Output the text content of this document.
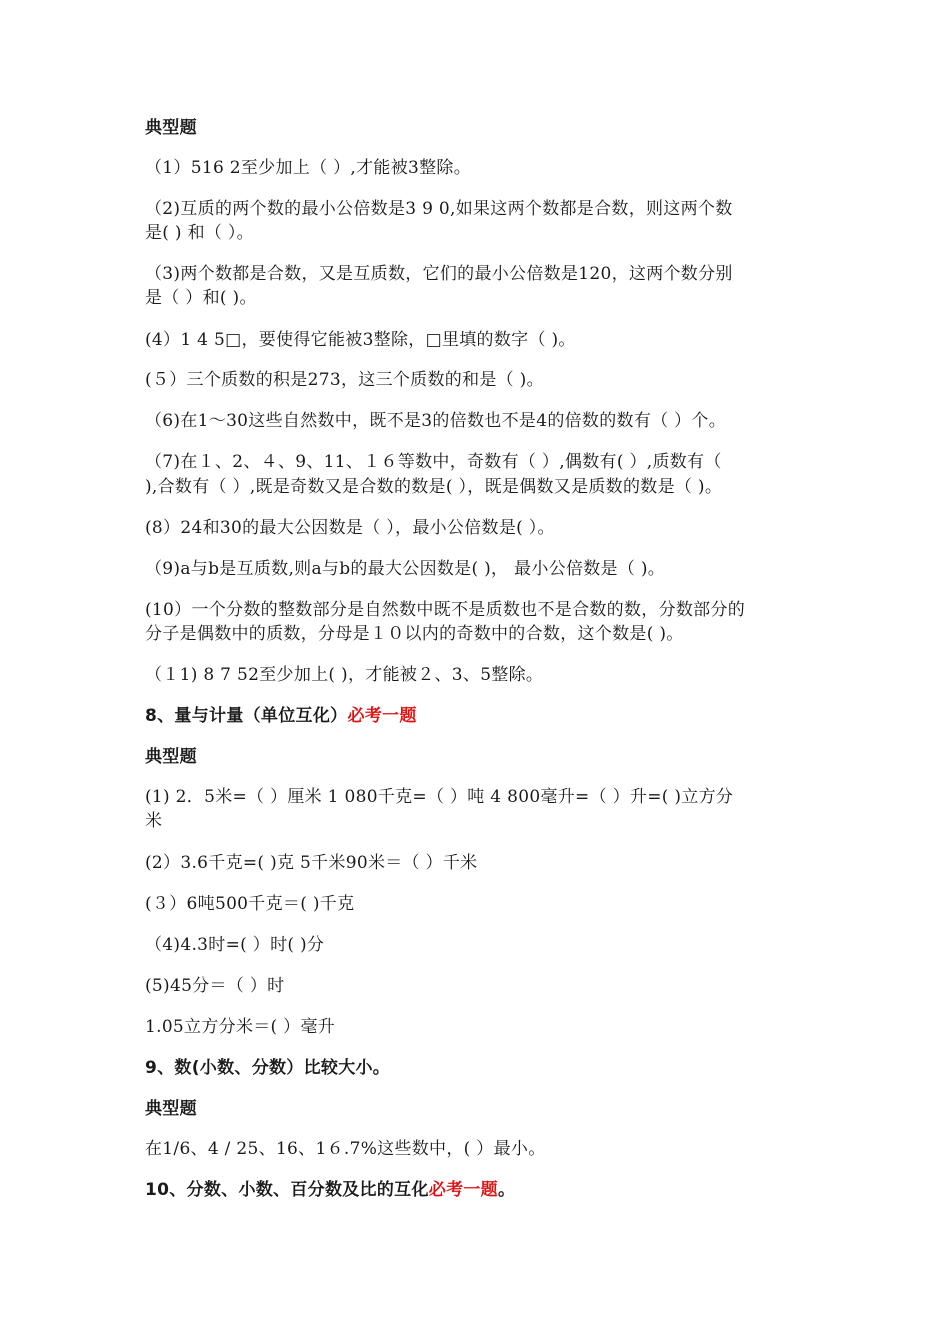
典型题
（1）516 2至少加上（ ）,才能被3整除。
（2)互质的两个数的最小公倍数是3 9 0,如果这两个数都是合数，则这两个数
是( ) 和（ ）。
（3)两个数都是合数，又是互质数，它们的最小公倍数是120，这两个数分别
是（ ）和( )。
(4）1 4 5□，要使得它能被3整除，□里填的数字（ )。
(５）三个质数的积是273，这三个质数的和是（ )。
（6)在1～30这些自然数中，既不是3的倍数也不是4的倍数的数有（ ）个。
（7)在１、2、４、9、11、１６等数中，奇数有（ ）,偶数有( ）,质数有（
),合数有（ ）,既是奇数又是合数的数是( ），既是偶数又是质数的数是（ )。
(8）24和30的最大公因数是（ ），最小公倍数是( ）。
（9)a与b是互质数,则a与b的最大公因数是( )， 最小公倍数是（ )。
(10）一个分数的整数部分是自然数中既不是质数也不是合数的数，分数部分的
分子是偶数中的质数，分母是１０以内的奇数中的合数，这个数是( )。
（１1) 8 7 52至少加上( )，才能被２、3、5整除。
8、量与计量（单位互化）必考一题
典型题
(1) 2．5米=（ ）厘米 1 080千克=（ ）吨 4 800毫升=（ ）升=( )立方分
米
(2）3.6千克=( )克 5千米90米＝（ ）千米
(３）6吨500千克＝( )千克
（4)4.3时=( ）时( )分
(5)45分＝（ ）时
1.05立方分米＝( ）毫升
9、数(小数、分数）比较大小。
典型题
在1/6、4 / 25、16、1６.7%这些数中，( ）最小。
10、分数、小数、百分数及比的互化必考一题。
